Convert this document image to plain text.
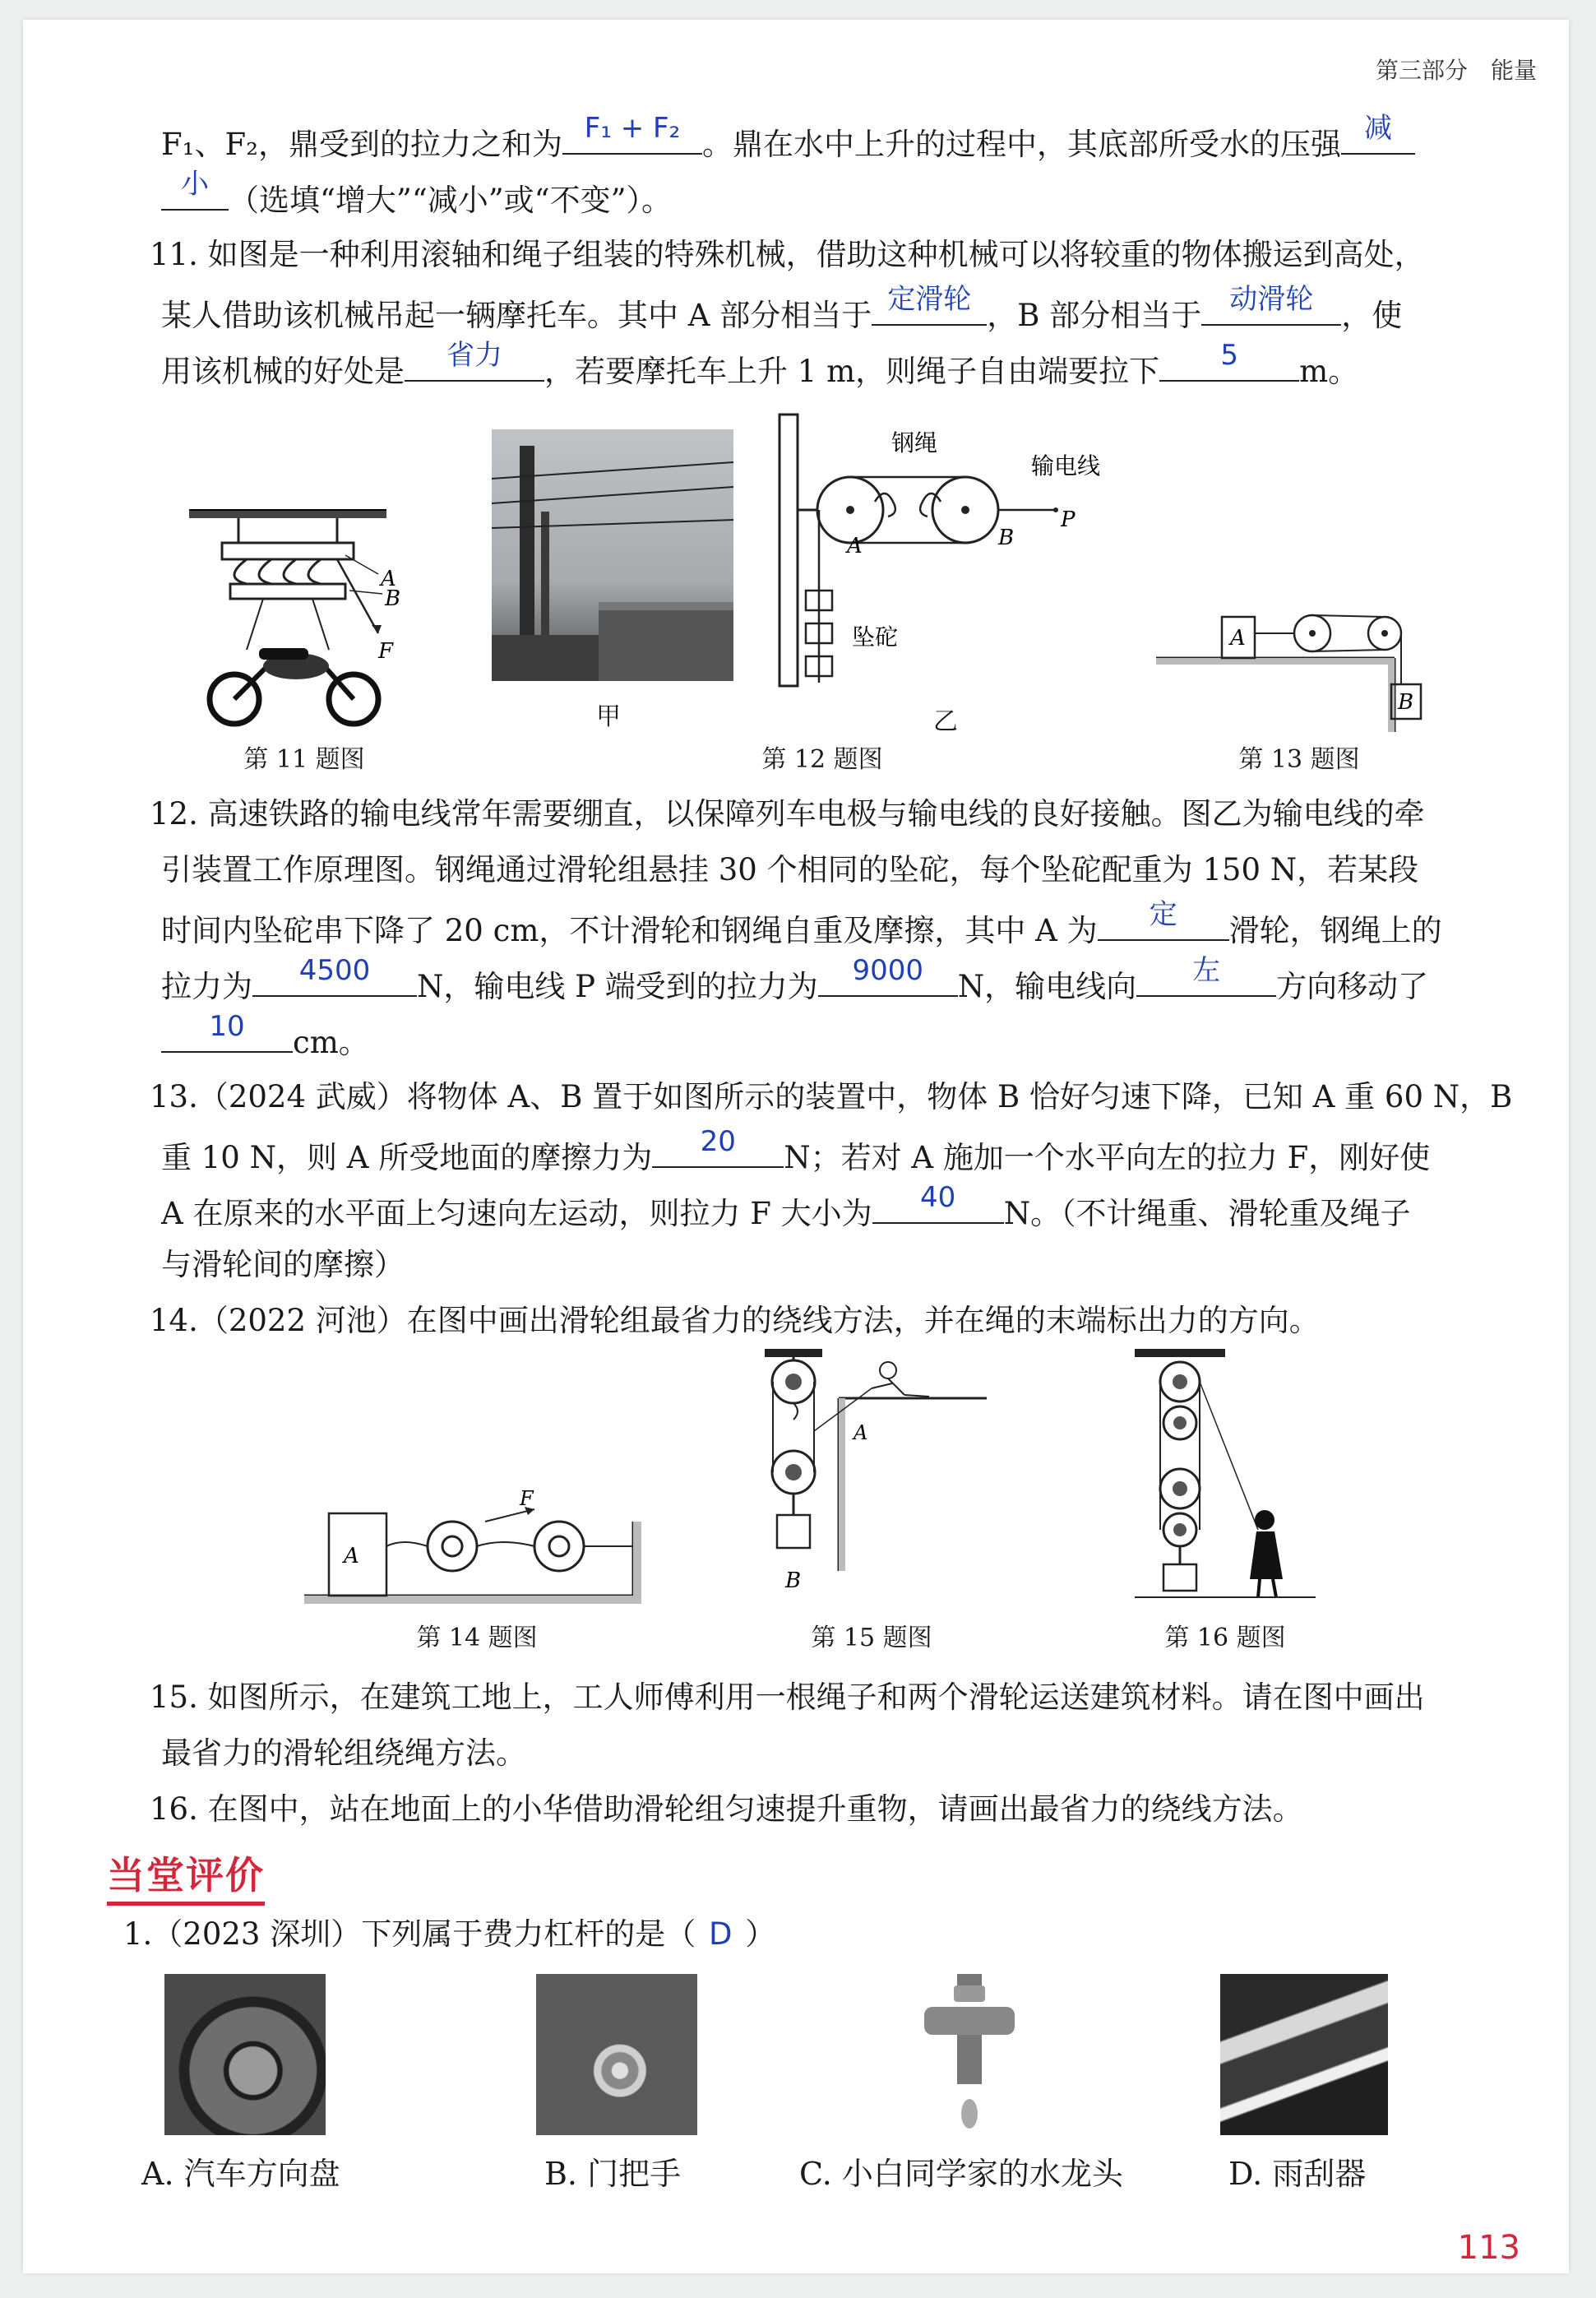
第三部分　能量
F₁、F₂，鼎受到的拉力之和为 F₁ + F₂ 。鼎在水中上升的过程中，其底部所受水的压强 减
小 （选填“增大”“减小”或“不变”）。
11. 如图是一种利用滚轴和绳子组装的特殊机械，借助这种机械可以将较重的物体搬运到高处，
某人借助该机械吊起一辆摩托车。其中 A 部分相当于 定滑轮 ，B 部分相当于	动滑轮 ，使
用该机械的好处是	省力	，若要摩托车上升 1 m，则绳子自由端要拉下	5	m。
A
B
F
第 11 题图
甲
钢绳
输电线
A	B
P
坠砣
乙
第 12 题图
A
B
第 13 题图
12. 高速铁路的输电线常年需要绷直，以保障列车电极与输电线的良好接触。图乙为输电线的牵
引装置工作原理图。钢绳通过滑轮组悬挂 30 个相同的坠砣，每个坠砣配重为 150 N，若某段
时间内坠砣串下降了 20 cm，不计滑轮和钢绳自重及摩擦，其中 A 为	定	滑轮，钢绳上的
拉力为	4500	N，输电线 P 端受到的拉力为	9000	N，输电线向	左	方向移动了
10	cm。
13.（2024 武威）将物体 A、B 置于如图所示的装置中，物体 B 恰好匀速下降，已知 A 重 60 N，B
重 10 N，则 A 所受地面的摩擦力为	20	N；若对 A 施加一个水平向左的拉力 F，刚好使
A 在原来的水平面上匀速向左运动，则拉力 F 大小为	40	N。（不计绳重、滑轮重及绳子
与滑轮间的摩擦）
14.（2022 河池）在图中画出滑轮组最省力的绕线方法，并在绳的末端标出力的方向。
A
F
第 14 题图
A
B
第 15 题图	第 16 题图
15. 如图所示，在建筑工地上，工人师傅利用一根绳子和两个滑轮运送建筑材料。请在图中画出
最省力的滑轮组绕绳方法。
16. 在图中，站在地面上的小华借助滑轮组匀速提升重物，请画出最省力的绕线方法。
当堂评价
1.（2023 深圳）下列属于费力杠杆的是（ D ）
A. 汽车方向盘	B. 门把手	C. 小白同学家的水龙头	D. 雨刮器
113
